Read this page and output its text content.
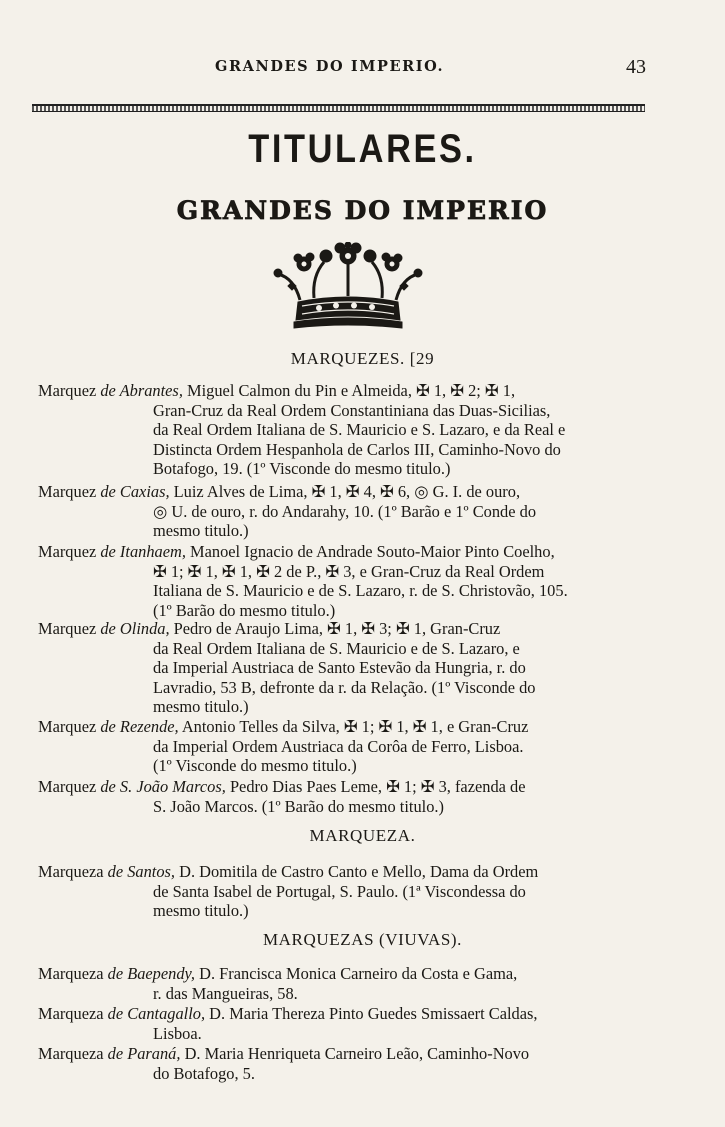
GRANDES DO IMPERIO.	43
TITULARES.
GRANDES DO IMPERIO
MARQUEZES. [29
Marquez de Abrantes, Miguel Calmon du Pin e Almeida, ✠ 1, ✠ 2; ✠ 1,
Gran-Cruz da Real Ordem Constantiniana das Duas-Sicilias,
da Real Ordem Italiana de S. Mauricio e S. Lazaro, e da Real e
Distincta Ordem Hespanhola de Carlos III, Caminho-Novo do
Botafogo, 19. (1º Visconde do mesmo titulo.)
Marquez de Caxias, Luiz Alves de Lima, ✠ 1, ✠ 4, ✠ 6, ◎ G. I. de ouro,
◎ U. de ouro, r. do Andarahy, 10. (1º Barão e 1º Conde do
mesmo titulo.)
Marquez de Itanhaem, Manoel Ignacio de Andrade Souto-Maior Pinto Coelho,
✠ 1; ✠ 1, ✠ 1, ✠ 2 de P., ✠ 3, e Gran-Cruz da Real Ordem
Italiana de S. Mauricio e de S. Lazaro, r. de S. Christovão, 105.
(1º Barão do mesmo titulo.)
Marquez de Olinda, Pedro de Araujo Lima, ✠ 1, ✠ 3; ✠ 1, Gran-Cruz
da Real Ordem Italiana de S. Mauricio e de S. Lazaro, e
da Imperial Austriaca de Santo Estevão da Hungria, r. do
Lavradio, 53 B, defronte da r. da Relação. (1º Visconde do
mesmo titulo.)
Marquez de Rezende, Antonio Telles da Silva, ✠ 1; ✠ 1, ✠ 1, e Gran-Cruz
da Imperial Ordem Austriaca da Corôa de Ferro, Lisboa.
(1º Visconde do mesmo titulo.)
Marquez de S. João Marcos, Pedro Dias Paes Leme, ✠ 1; ✠ 3, fazenda de
S. João Marcos. (1º Barão do mesmo titulo.)
MARQUEZA.
Marqueza de Santos, D. Domitila de Castro Canto e Mello, Dama da Ordem
de Santa Isabel de Portugal, S. Paulo. (1ª Viscondessa do
mesmo titulo.)
MARQUEZAS (VIUVAS).
Marqueza de Baependy, D. Francisca Monica Carneiro da Costa e Gama,
r. das Mangueiras, 58.
Marqueza de Cantagallo, D. Maria Thereza Pinto Guedes Smissaert Caldas,
Lisboa.
Marqueza de Paraná, D. Maria Henriqueta Carneiro Leão, Caminho-Novo
do Botafogo, 5.
